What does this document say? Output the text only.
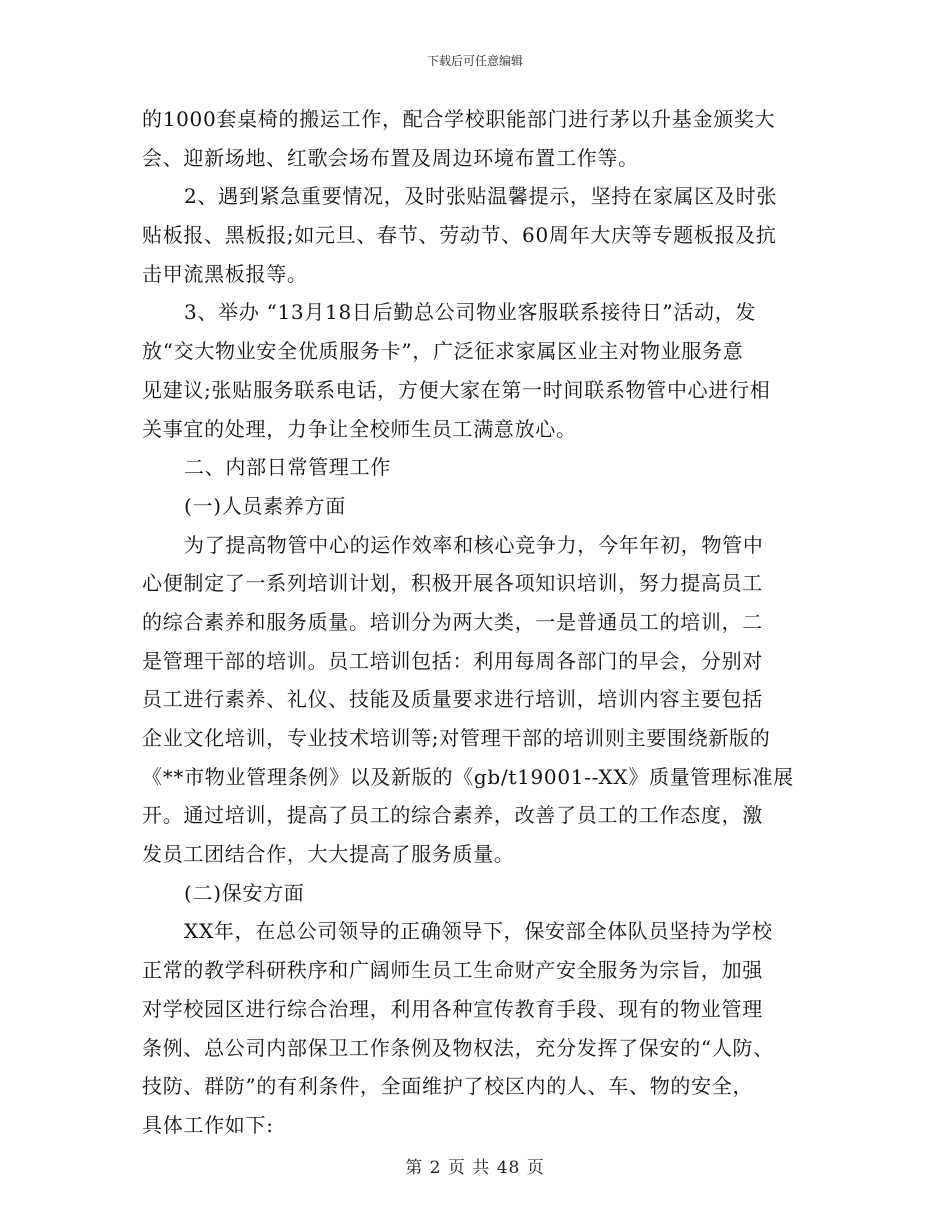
下载后可任意编辑
的1000套桌椅的搬运工作，配合学校职能部门进行茅以升基金颁奖大
会、迎新场地、红歌会场布置及周边环境布置工作等。
2、遇到紧急重要情况，及时张贴温馨提示，坚持在家属区及时张
贴板报、黑板报;如元旦、春节、劳动节、60周年大庆等专题板报及抗
击甲流黑板报等。
3、举办 “13月18日后勤总公司物业客服联系接待日”活动，发
放“交大物业安全优质服务卡”，广泛征求家属区业主对物业服务意
见建议;张贴服务联系电话，方便大家在第一时间联系物管中心进行相
关事宜的处理，力争让全校师生员工满意放心。
二、内部日常管理工作
(一)人员素养方面
为了提高物管中心的运作效率和核心竞争力，今年年初，物管中
心便制定了一系列培训计划，积极开展各项知识培训，努力提高员工
的综合素养和服务质量。培训分为两大类，一是普通员工的培训，二
是管理干部的培训。员工培训包括：利用每周各部门的早会，分别对
员工进行素养、礼仪、技能及质量要求进行培训，培训内容主要包括
企业文化培训，专业技术培训等;对管理干部的培训则主要围绕新版的
《**市物业管理条例》以及新版的《gb/t19001--XX》质量管理标准展
开。通过培训，提高了员工的综合素养，改善了员工的工作态度，激
发员工团结合作，大大提高了服务质量。
(二)保安方面
XX年，在总公司领导的正确领导下，保安部全体队员坚持为学校
正常的教学科研秩序和广阔师生员工生命财产安全服务为宗旨，加强
对学校园区进行综合治理，利用各种宣传教育手段、现有的物业管理
条例、总公司内部保卫工作条例及物权法，充分发挥了保安的“人防、
技防、群防”的有利条件，全面维护了校区内的人、车、物的安全，
具体工作如下:
第 2 页 共 48 页
